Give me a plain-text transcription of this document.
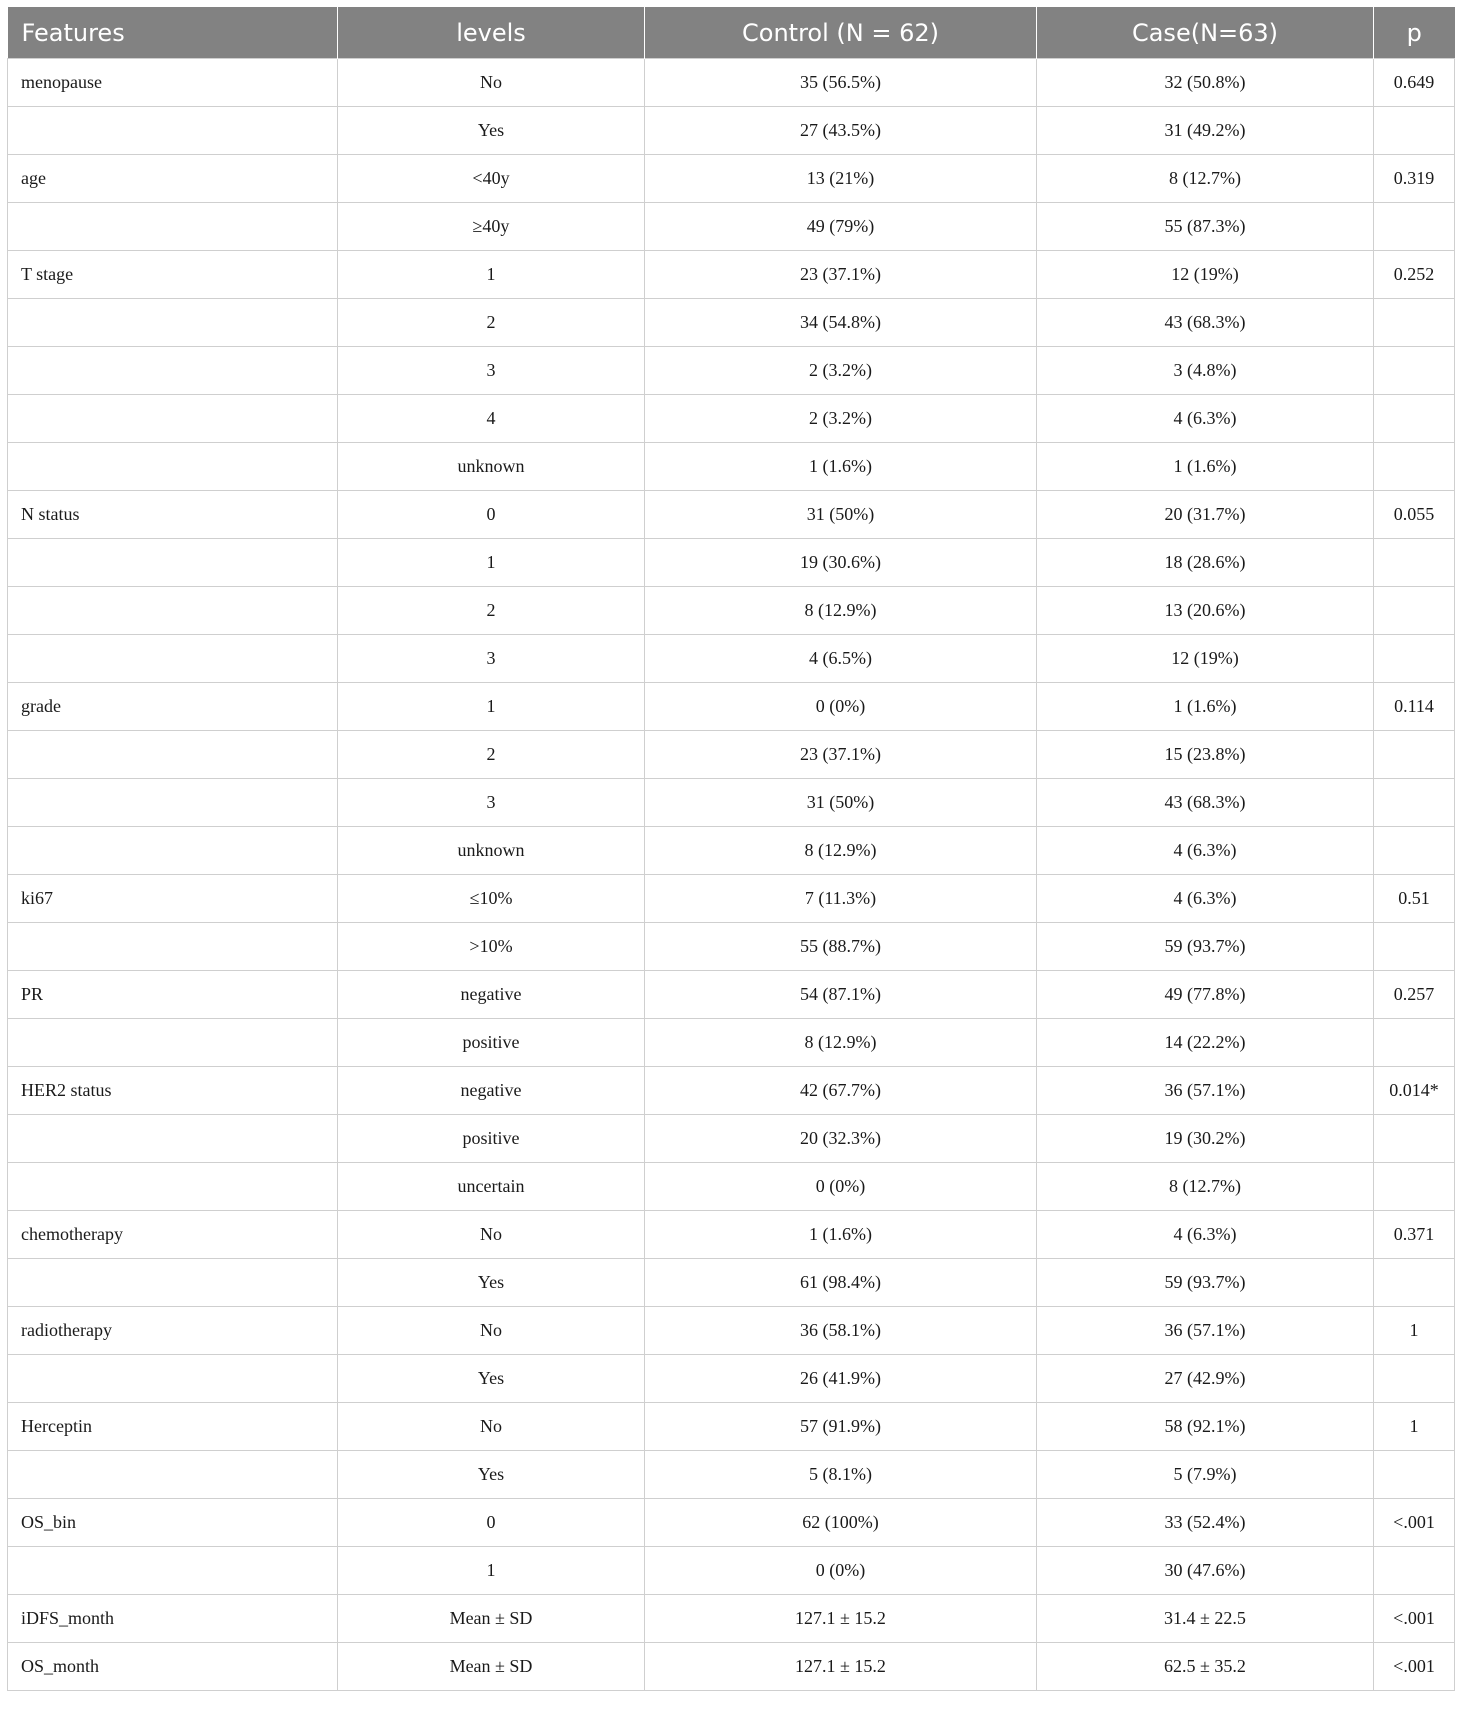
Features	levels	Control (N = 62)	Case(N=63)	p
menopause	No	35 (56.5%)	32 (50.8%)	0.649
	Yes	27 (43.5%)	31 (49.2%)	
age	<40y	13 (21%)	8 (12.7%)	0.319
	≥40y	49 (79%)	55 (87.3%)	
T stage	1	23 (37.1%)	12 (19%)	0.252
	2	34 (54.8%)	43 (68.3%)	
	3	2 (3.2%)	3 (4.8%)	
	4	2 (3.2%)	4 (6.3%)	
	unknown	1 (1.6%)	1 (1.6%)	
N status	0	31 (50%)	20 (31.7%)	0.055
	1	19 (30.6%)	18 (28.6%)	
	2	8 (12.9%)	13 (20.6%)	
	3	4 (6.5%)	12 (19%)	
grade	1	0 (0%)	1 (1.6%)	0.114
	2	23 (37.1%)	15 (23.8%)	
	3	31 (50%)	43 (68.3%)	
	unknown	8 (12.9%)	4 (6.3%)	
ki67	≤10%	7 (11.3%)	4 (6.3%)	0.51
	>10%	55 (88.7%)	59 (93.7%)	
PR	negative	54 (87.1%)	49 (77.8%)	0.257
	positive	8 (12.9%)	14 (22.2%)	
HER2 status	negative	42 (67.7%)	36 (57.1%)	0.014*
	positive	20 (32.3%)	19 (30.2%)	
	uncertain	0 (0%)	8 (12.7%)	
chemotherapy	No	1 (1.6%)	4 (6.3%)	0.371
	Yes	61 (98.4%)	59 (93.7%)	
radiotherapy	No	36 (58.1%)	36 (57.1%)	1
	Yes	26 (41.9%)	27 (42.9%)	
Herceptin	No	57 (91.9%)	58 (92.1%)	1
	Yes	5 (8.1%)	5 (7.9%)	
OS_bin	0	62 (100%)	33 (52.4%)	<.001
	1	0 (0%)	30 (47.6%)	
iDFS_month	Mean ± SD	127.1 ± 15.2	31.4 ± 22.5	<.001
OS_month	Mean ± SD	127.1 ± 15.2	62.5 ± 35.2	<.001
